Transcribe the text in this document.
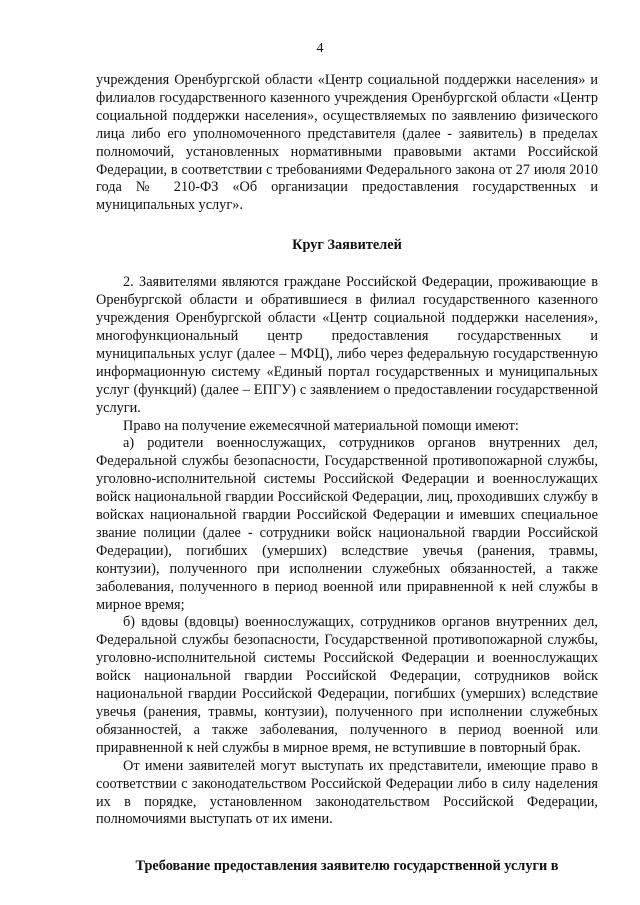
4

учреждения Оренбургской области «Центр социальной поддержки населения» и филиалов государственного казенного учреждения Оренбургской области «Центр социальной поддержки населения», осуществляемых по заявлению физического лица либо его уполномоченного представителя (далее - заявитель) в пределах полномочий, установленных нормативными правовыми актами Российской Федерации, в соответствии с требованиями Федерального закона от 27 июля 2010 года № 210-ФЗ «Об организации предоставления государственных и муниципальных услуг».

Круг Заявителей

2. Заявителями являются граждане Российской Федерации, проживающие в Оренбургской области и обратившиеся в филиал государственного казенного учреждения Оренбургской области «Центр социальной поддержки населения», многофункциональный центр предоставления государственных и муниципальных услуг (далее – МФЦ), либо через федеральную государственную информационную систему «Единый портал государственных и муниципальных услуг (функций) (далее – ЕПГУ) с заявлением о предоставлении государственной услуги.

Право на получение ежемесячной материальной помощи имеют:

а) родители военнослужащих, сотрудников органов внутренних дел, Федеральной службы безопасности, Государственной противопожарной службы, уголовно-исполнительной системы Российской Федерации и военнослужащих войск национальной гвардии Российской Федерации, лиц, проходивших службу в войсках национальной гвардии Российской Федерации и имевших специальное звание полиции (далее - сотрудники войск национальной гвардии Российской Федерации), погибших (умерших) вследствие увечья (ранения, травмы, контузии), полученного при исполнении служебных обязанностей, а также заболевания, полученного в период военной или приравненной к ней службы в мирное время;

б) вдовы (вдовцы) военнослужащих, сотрудников органов внутренних дел, Федеральной службы безопасности, Государственной противопожарной службы, уголовно-исполнительной системы Российской Федерации и военнослужащих войск национальной гвардии Российской Федерации, сотрудников войск национальной гвардии Российской Федерации, погибших (умерших) вследствие увечья (ранения, травмы, контузии), полученного при исполнении служебных обязанностей, а также заболевания, полученного в период военной или приравненной к ней службы в мирное время, не вступившие в повторный брак.

От имени заявителей могут выступать их представители, имеющие право в соответствии с законодательством Российской Федерации либо в силу наделения их в порядке, установленном законодательством Российской Федерации, полномочиями выступать от их имени.

Требование предоставления заявителю государственной услуги в
